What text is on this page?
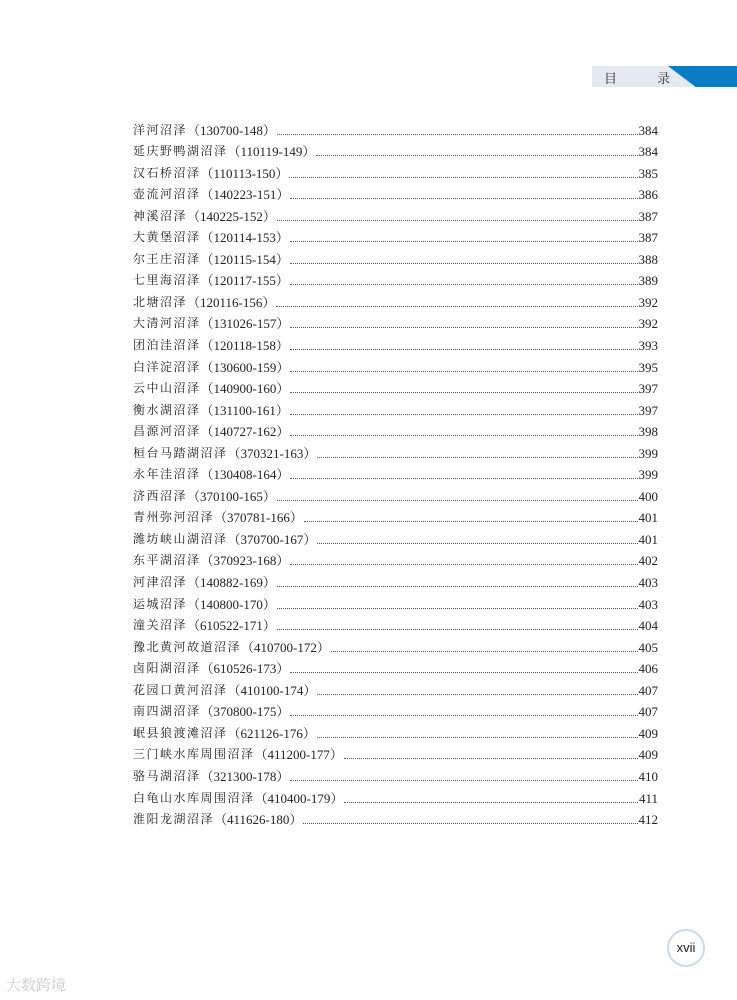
目 录
洋河沼泽 （130700-148）	384
延庆野鸭湖沼泽 （110119-149）	384
汉石桥沼泽 （110113-150）	385
壶流河沼泽 （140223-151）	386
神溪沼泽 （140225-152）	387
大黄堡沼泽 （120114-153）	387
尔王庄沼泽 （120115-154）	388
七里海沼泽 （120117-155）	389
北塘沼泽 （120116-156）	392
大清河沼泽 （131026-157）	392
团泊洼沼泽 （120118-158）	393
白洋淀沼泽 （130600-159）	395
云中山沼泽 （140900-160）	397
衡水湖沼泽 （131100-161）	397
昌源河沼泽 （140727-162）	398
桓台马踏湖沼泽 （370321-163）	399
永年洼沼泽 （130408-164）	399
济西沼泽 （370100-165）	400
青州弥河沼泽 （370781-166）	401
潍坊峡山湖沼泽 （370700-167）	401
东平湖沼泽 （370923-168）	402
河津沼泽 （140882-169）	403
运城沼泽 （140800-170）	403
潼关沼泽 （610522-171）	404
豫北黄河故道沼泽 （410700-172）	405
卤阳湖沼泽 （610526-173）	406
花园口黄河沼泽 （410100-174）	407
南四湖沼泽 （370800-175）	407
岷县狼渡滩沼泽 （621126-176）	409
三门峡水库周围沼泽 （411200-177）	409
骆马湖沼泽 （321300-178）	410
白龟山水库周围沼泽 （410400-179）	411
淮阳龙湖沼泽 （411626-180）	412
xvii
大数跨境
